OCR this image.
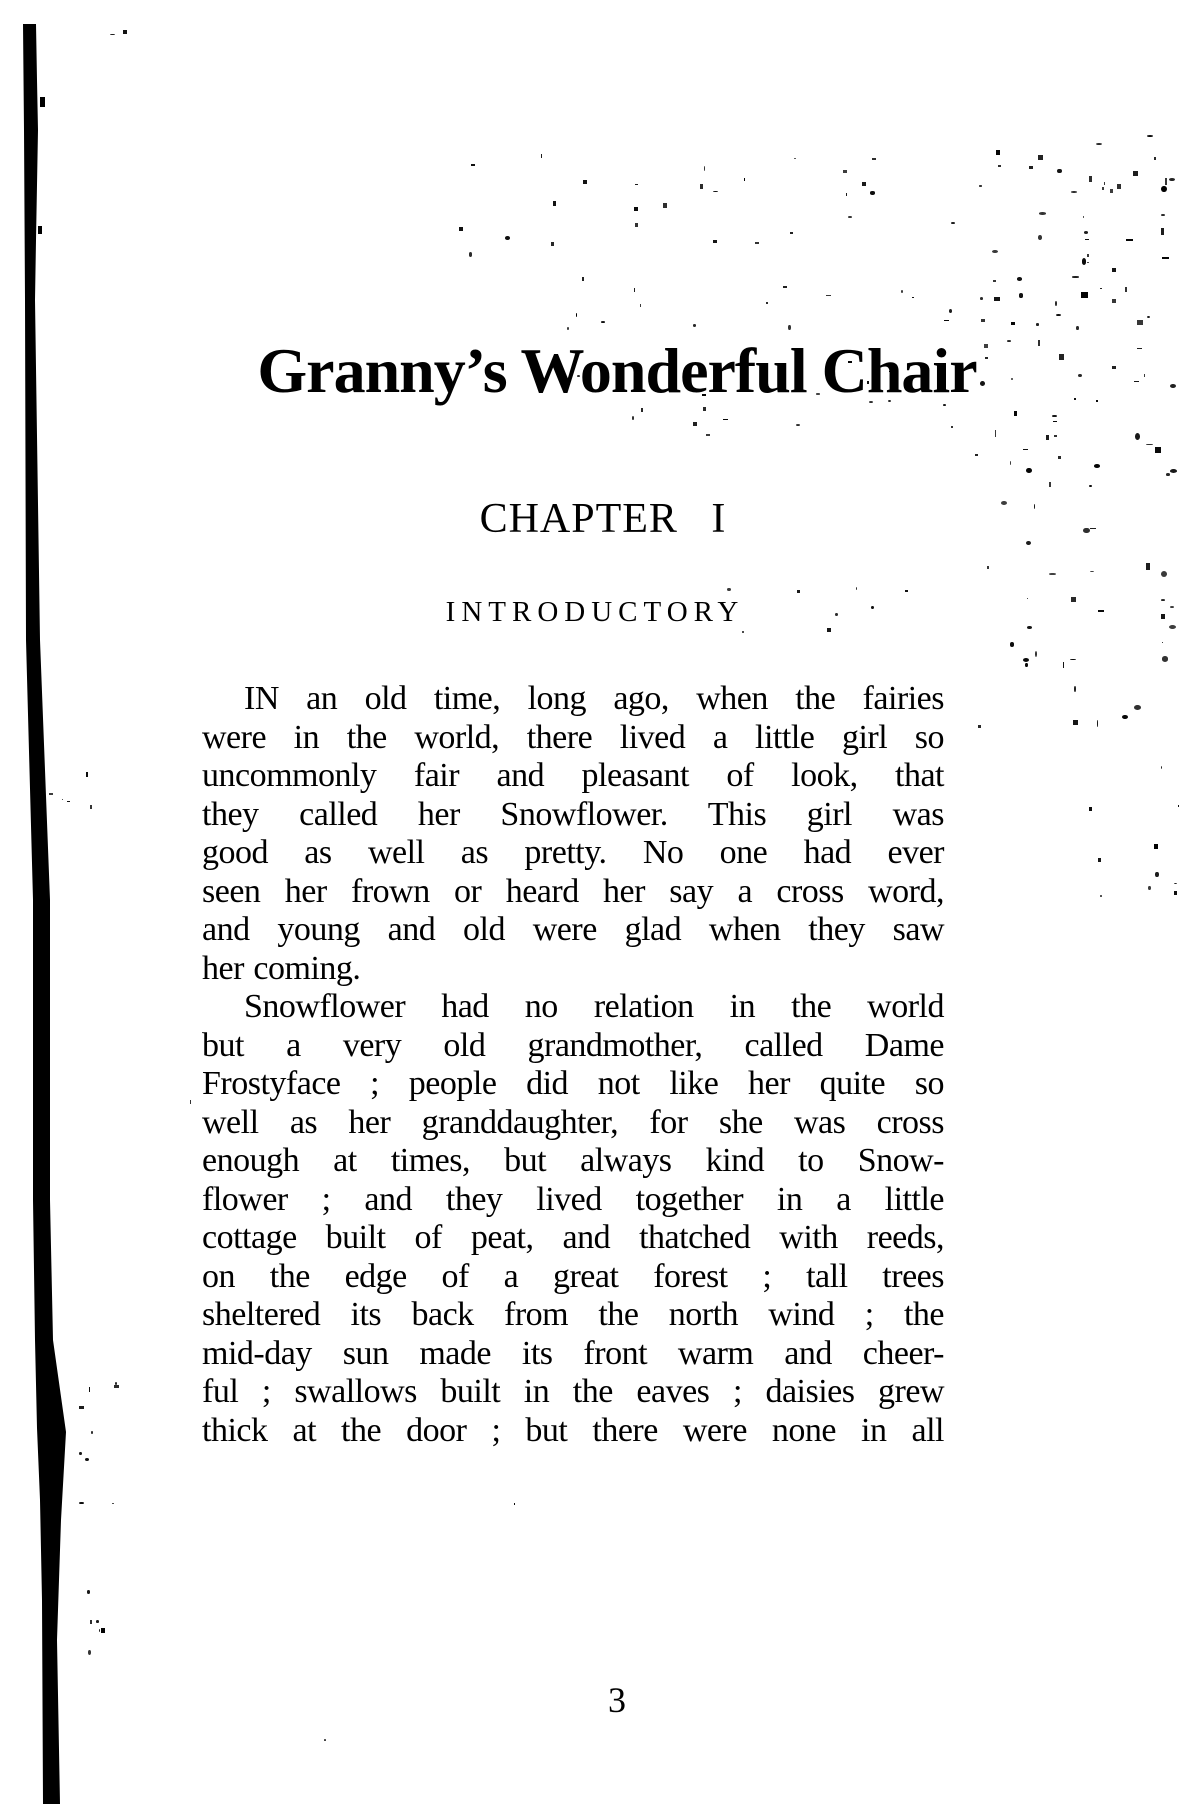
Granny’s Wonderful Chair
CHAPTER I
INTRODUCTORY
IN an old time, long ago, when the fairies
were in the world, there lived a little girl so
uncommonly fair and pleasant of look, that
they called her Snowflower. This girl was
good as well as pretty. No one had ever
seen her frown or heard her say a cross word,
and young and old were glad when they saw
her coming.
Snowflower had no relation in the world
but a very old grandmother, called Dame
Frostyface ; people did not like her quite so
well as her granddaughter, for she was cross
enough at times, but always kind to Snow-
flower ; and they lived together in a little
cottage built of peat, and thatched with reeds,
on the edge of a great forest ; tall trees
sheltered its back from the north wind ; the
mid-day sun made its front warm and cheer-
ful ; swallows built in the eaves ; daisies grew
thick at the door ; but there were none in all
3
